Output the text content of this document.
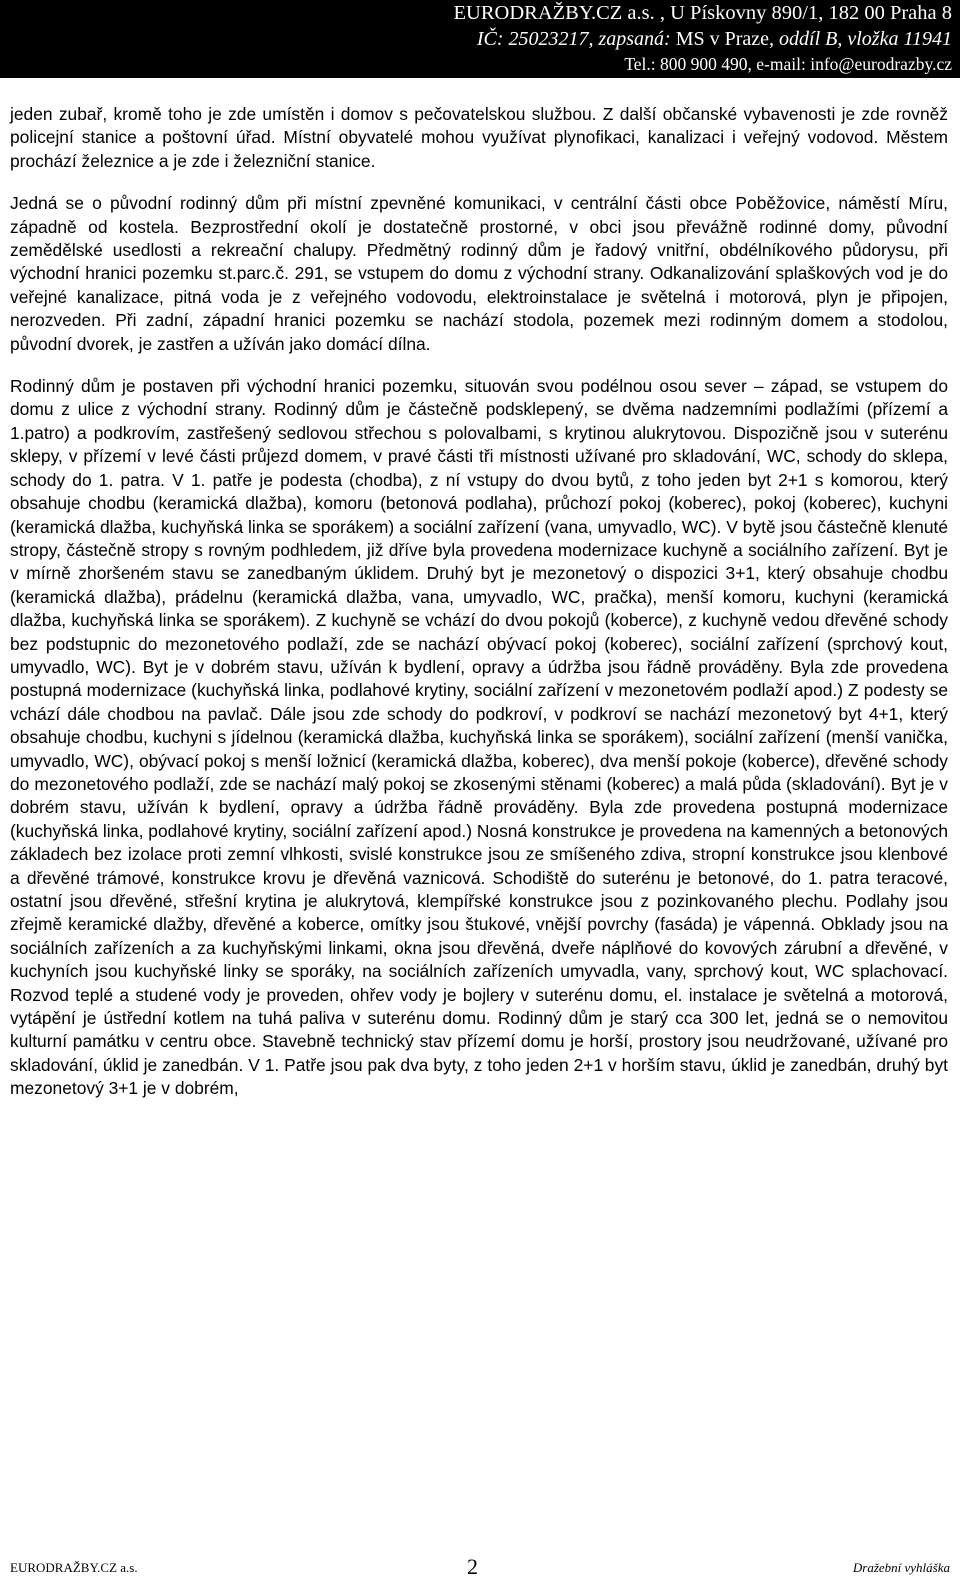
EURODRAŽBY.CZ a.s. , U Pískovny 890/1, 182 00 Praha 8
IČ: 25023217, zapsaná: MS v Praze, oddíl B, vložka 11941
Tel.: 800 900 490, e-mail: info@eurodrazby.cz

jeden zubař, kromě toho je zde umístěn i domov s pečovatelskou službou. Z další občanské vybavenosti je zde rovněž policejní stanice a poštovní úřad. Místní obyvatelé mohou využívat plynofikaci, kanalizaci i veřejný vodovod. Městem prochází železnice a je zde i železniční stanice.

Jedná se o původní rodinný dům při místní zpevněné komunikaci, v centrální části obce Poběžovice, náměstí Míru, západně od kostela. Bezprostřední okolí je dostatečně prostorné, v obci jsou převážně rodinné domy, původní zemědělské usedlosti a rekreační chalupy. Předmětný rodinný dům je řadový vnitřní, obdélníkového půdorysu, při východní hranici pozemku st.parc.č. 291, se vstupem do domu z východní strany. Odkanalizování splaškových vod je do veřejné kanalizace, pitná voda je z veřejného vodovodu, elektroinstalace je světelná i motorová, plyn je připojen, nerozveden. Při zadní, západní hranici pozemku se nachází stodola, pozemek mezi rodinným domem a stodolou, původní dvorek, je zastřen a užíván jako domácí dílna.

Rodinný dům je postaven při východní hranici pozemku, situován svou podélnou osou sever – západ, se vstupem do domu z ulice z východní strany. Rodinný dům je částečně podsklepený, se dvěma nadzemními podlažími (přízemí a 1.patro) a podkrovím, zastřešený sedlovou střechou s polovalbami, s krytinou alukrytovou. Dispozičně jsou v suterénu sklepy, v přízemí v levé části průjezd domem, v pravé části tři místnosti užívané pro skladování, WC, schody do sklepa, schody do 1. patra. V 1. patře je podesta (chodba), z ní vstupy do dvou bytů, z toho jeden byt 2+1 s komorou, který obsahuje chodbu (keramická dlažba), komoru (betonová podlaha), průchozí pokoj (koberec), pokoj (koberec), kuchyni (keramická dlažba, kuchyňská linka se sporákem) a sociální zařízení (vana, umyvadlo, WC). V bytě jsou částečně klenuté stropy, částečně stropy s rovným podhledem, již dříve byla provedena modernizace kuchyně a sociálního zařízení. Byt je v mírně zhoršeném stavu se zanedbaným úklidem. Druhý byt je mezonetový o dispozici 3+1, který obsahuje chodbu (keramická dlažba), prádelnu (keramická dlažba, vana, umyvadlo, WC, pračka), menší komoru, kuchyni (keramická dlažba, kuchyňská linka se sporákem). Z kuchyně se vchází do dvou pokojů (koberce), z kuchyně vedou dřevěné schody bez podstupnic do mezonetového podlaží, zde se nachází obývací pokoj (koberec), sociální zařízení (sprchový kout, umyvadlo, WC). Byt je v dobrém stavu, užíván k bydlení, opravy a údržba jsou řádně prováděny. Byla zde provedena postupná modernizace (kuchyňská linka, podlahové krytiny, sociální zařízení v mezonetovém podlaží apod.) Z podesty se vchází dále chodbou na pavlač. Dále jsou zde schody do podkroví, v podkroví se nachází mezonetový byt 4+1, který obsahuje chodbu, kuchyni s jídelnou (keramická dlažba, kuchyňská linka se sporákem), sociální zařízení (menší vanička, umyvadlo, WC), obývací pokoj s menší ložnicí (keramická dlažba, koberec), dva menší pokoje (koberce), dřevěné schody do mezonetového podlaží, zde se nachází malý pokoj se zkosenými stěnami (koberec) a malá půda (skladování). Byt je v dobrém stavu, užíván k bydlení, opravy a údržba řádně prováděny. Byla zde provedena postupná modernizace (kuchyňská linka, podlahové krytiny, sociální zařízení apod.) Nosná konstrukce je provedena na kamenných a betonových základech bez izolace proti zemní vlhkosti, svislé konstrukce jsou ze smíšeného zdiva, stropní konstrukce jsou klenbové a dřevěné trámové, konstrukce krovu je dřevěná vaznicová. Schodiště do suterénu je betonové, do 1. patra teracové, ostatní jsou dřevěné, střešní krytina je alukrytová, klempířské konstrukce jsou z pozinkovaného plechu. Podlahy jsou zřejmě keramické dlažby, dřevěné a koberce, omítky jsou štukové, vnější povrchy (fasáda) je vápenná. Obklady jsou na sociálních zařízeních a za kuchyňskými linkami, okna jsou dřevěná, dveře náplňové do kovových zárubní a dřevěné, v kuchyních jsou kuchyňské linky se sporáky, na sociálních zařízeních umyvadla, vany, sprchový kout, WC splachovací. Rozvod teplé a studené vody je proveden, ohřev vody je bojlery v suterénu domu, el. instalace je světelná a motorová, vytápění je ústřední kotlem na tuhá paliva v suterénu domu. Rodinný dům je starý cca 300 let, jedná se o nemovitou kulturní památku v centru obce. Stavebně technický stav přízemí domu je horší, prostory jsou neudržované, užívané pro skladování, úklid je zanedbán. V 1. Patře jsou pak dva byty, z toho jeden 2+1 v horším stavu, úklid je zanedbán, druhý byt mezonetový 3+1 je v dobrém,

EURODRAŽBY.CZ a.s.	2	Dražební vyhláška
